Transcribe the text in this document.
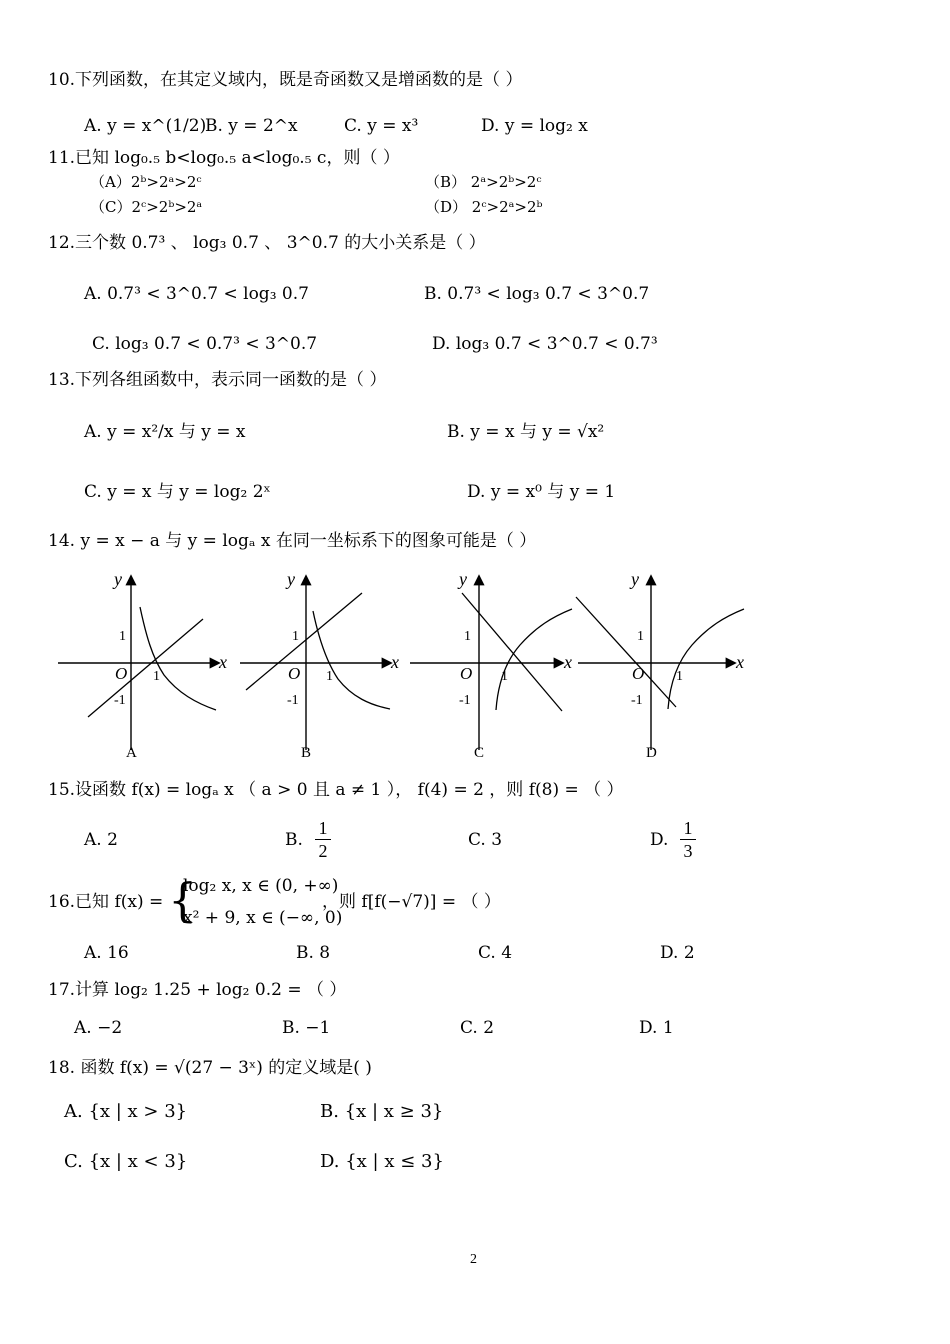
10.下列函数，在其定义域内，既是奇函数又是增函数的是（ ）
A. y = x^(1/2)
B. y = 2^x	C. y = x³	D. y = log₂ x
11.已知 log₀.₅ b<log₀.₅ a<log₀.₅ c，则（ ）
（A）2ᵇ>2ᵃ>2ᶜ	（B） 2ᵃ>2ᵇ>2ᶜ
（C）2ᶜ>2ᵇ>2ᵃ	（D） 2ᶜ>2ᵃ>2ᵇ
12.三个数 0.7³ 、 log₃ 0.7 、 3^0.7 的大小关系是（ ）
A. 0.7³ < 3^0.7 < log₃ 0.7	B. 0.7³ < log₃ 0.7 < 3^0.7
C. log₃ 0.7 < 0.7³ < 3^0.7	D. log₃ 0.7 < 3^0.7 < 0.7³
13.下列各组函数中，表示同一函数的是（ ）
A. y = x²/x 与 y = x	B. y = x 与 y = √x²
C. y = x 与 y = log₂ 2ˣ	D. y = x⁰ 与 y = 1
14. y = x − a 与 y = logₐ x 在同一坐标系下的图象可能是（ ）
y
x
O
1
-1
1
A
y
x
O
1
-1
1
B
y
x
O
1
-1
1
C
y
x
O
1
-1
1
D
15.设函数 f(x) = logₐ x （ a > 0 且 a ≠ 1 ）， f(4) = 2 ，则 f(8) = （ ）
A. 2	B.
1
2
C. 3	D.
1
3
16.已知 f(x) = {
log₂ x, x ∈ (0, +∞)
x² + 9, x ∈ (−∞, 0)
，则 f[f(−√7)] = （ ）
A. 16	B. 8	C. 4	D. 2
17.计算 log₂ 1.25 + log₂ 0.2 = （ ）
A. −2	B. −1	C. 2	D. 1
18. 函数 f(x) = √(27 − 3ˣ) 的定义域是( )
A. {x | x > 3}	B. {x | x ≥ 3}
C. {x | x < 3}	D. {x | x ≤ 3}
2
